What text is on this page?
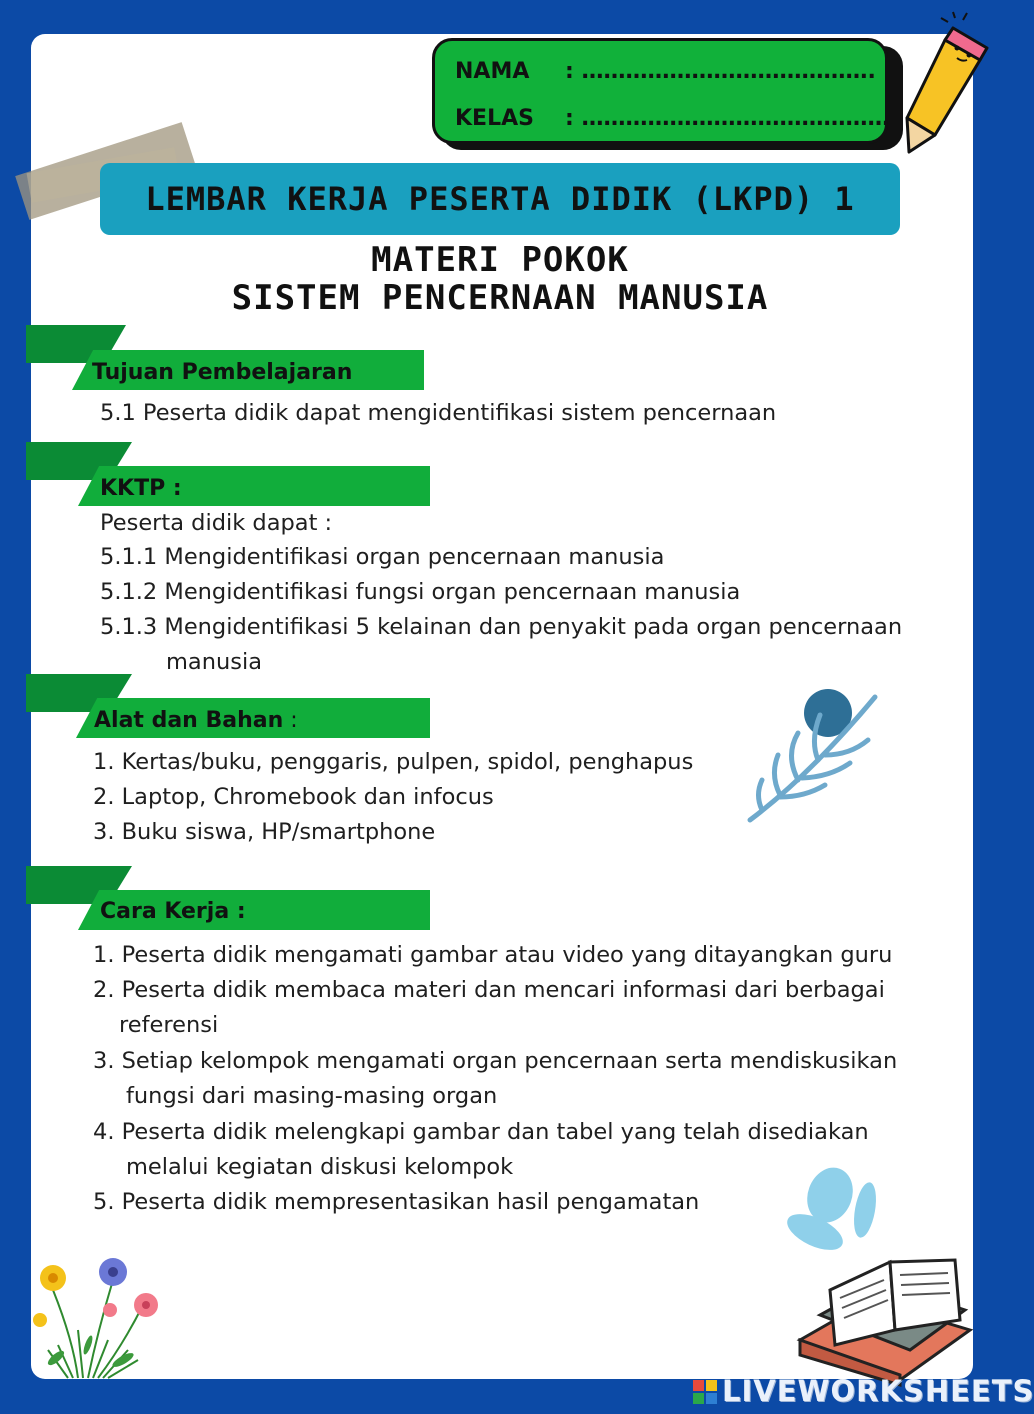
NAMA : ………………………………….
KELAS : ……………………………………
LEMBAR KERJA PESERTA DIDIK (LKPD) 1
MATERI POKOK
SISTEM PENCERNAAN MANUSIA
Tujuan Pembelajaran
5.1 Peserta didik dapat mengidentifikasi sistem pencernaan
KKTP :
Peserta didik dapat :
5.1.1 Mengidentifikasi organ pencernaan manusia
5.1.2 Mengidentifikasi fungsi organ pencernaan manusia
5.1.3 Mengidentifikasi 5 kelainan dan penyakit pada organ pencernaan
manusia
Alat dan Bahan :
1. Kertas/buku, penggaris, pulpen, spidol, penghapus
2. Laptop, Chromebook dan infocus
3. Buku siswa, HP/smartphone
Cara Kerja :
1. Peserta didik mengamati gambar atau video yang ditayangkan guru
2. Peserta didik membaca materi dan mencari informasi dari berbagai
referensi
3. Setiap kelompok mengamati organ pencernaan serta mendiskusikan
fungsi dari masing-masing organ
4. Peserta didik melengkapi gambar dan tabel yang telah disediakan
melalui kegiatan diskusi kelompok
5. Peserta didik mempresentasikan hasil pengamatan
LIVEWORKSHEETS
